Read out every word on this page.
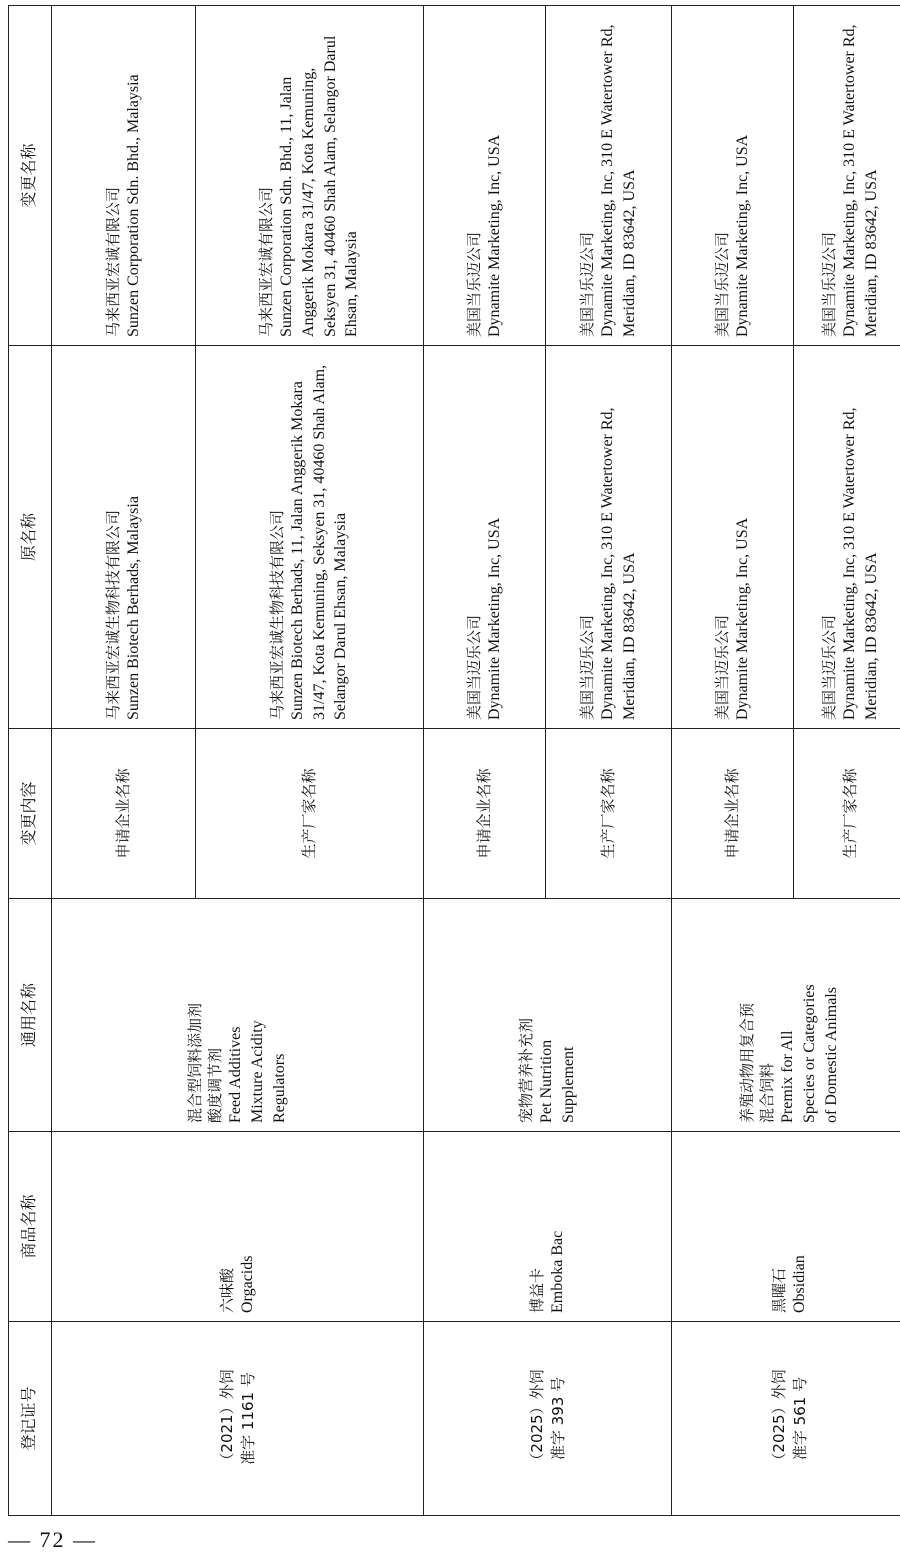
登记证号	商品名称	通用名称	变更内容	原名称	变更名称

（2021）外饲 准字 1161 号	六味酸 Orgacids	混合型饲料添加剂 酸度调节剂 Feed Additives Mixture Acidity Regulators	申请企业名称	马来西亚宏诚生物科技有限公司 Sunzen Biotech Berhads, Malaysia	马来西亚宏诚有限公司 Sunzen Corporation Sdn. Bhd., Malaysia

			生产厂家名称	马来西亚宏诚生物科技有限公司 Sunzen Biotech Berhads, 11, Jalan Anggerik Mokara 31/47, Kota Kemuning, Seksyen 31, 40460 Shah Alam, Selangor Darul Ehsan, Malaysia	马来西亚宏诚有限公司 Sunzen Corporation Sdn. Bhd., 11, Jalan Anggerik Mokara 31/47, Kota Kemuning, Seksyen 31, 40460 Shah Alam, Selangor Darul Ehsan, Malaysia

（2025）外饲 准字 393 号	博益卡 Emboka Bac	宠物营养补充剂 Pet Nutrition Supplement	申请企业名称	美国当迈乐公司 Dynamite Marketing, Inc, USA	美国当乐迈公司 Dynamite Marketing, Inc, USA

			生产厂家名称	美国当迈乐公司 Dynamite Marketing, Inc, 310 E Watertower Rd, Meridian, ID 83642, USA	美国当乐迈公司 Dynamite Marketing, Inc, 310 E Watertower Rd, Meridian, ID 83642, USA

（2025）外饲 准字 561 号	黑曜石 Obsidian	养殖动物用复合预 混合饲料 Premix for All Species or Categories of Domestic Animals	申请企业名称	美国当迈乐公司 Dynamite Marketing, Inc, USA	美国当乐迈公司 Dynamite Marketing, Inc, USA

			生产厂家名称	美国当迈乐公司 Dynamite Marketing, Inc, 310 E Watertower Rd, Meridian, ID 83642, USA	美国当乐迈公司 Dynamite Marketing, Inc, 310 E Watertower Rd, Meridian, ID 83642, USA
— 72 —
